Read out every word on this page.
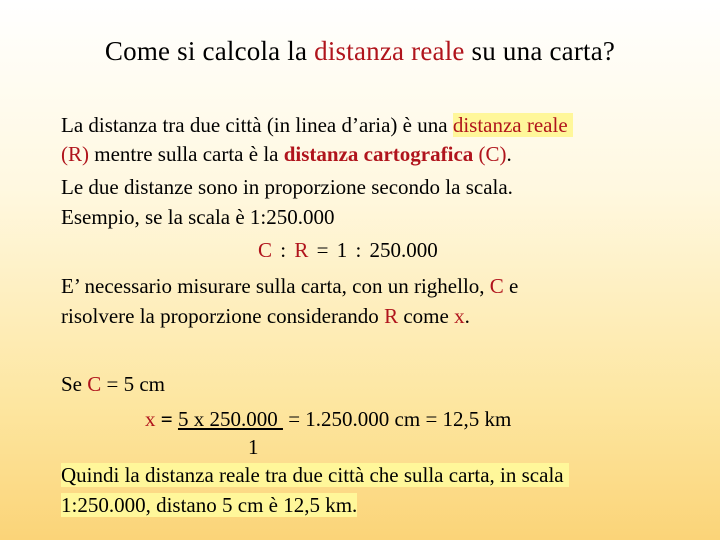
Come si calcola la distanza reale su una carta?
La distanza tra due città (in linea d’aria) è una distanza reale
(R) mentre sulla carta è la distanza cartografica (C).
Le due distanze sono in proporzione secondo la scala.
Esempio, se la scala è 1:250.000
C : R = 1 : 250.000
E’ necessario misurare sulla carta, con un righello, C e
risolvere la proporzione considerando R come x.
Se C = 5 cm
x = 5 x 250.000  = 1.250.000 cm = 12,5 km
1
Quindi la distanza reale tra due città che sulla carta, in scala
1:250.000, distano 5 cm è 12,5 km.
